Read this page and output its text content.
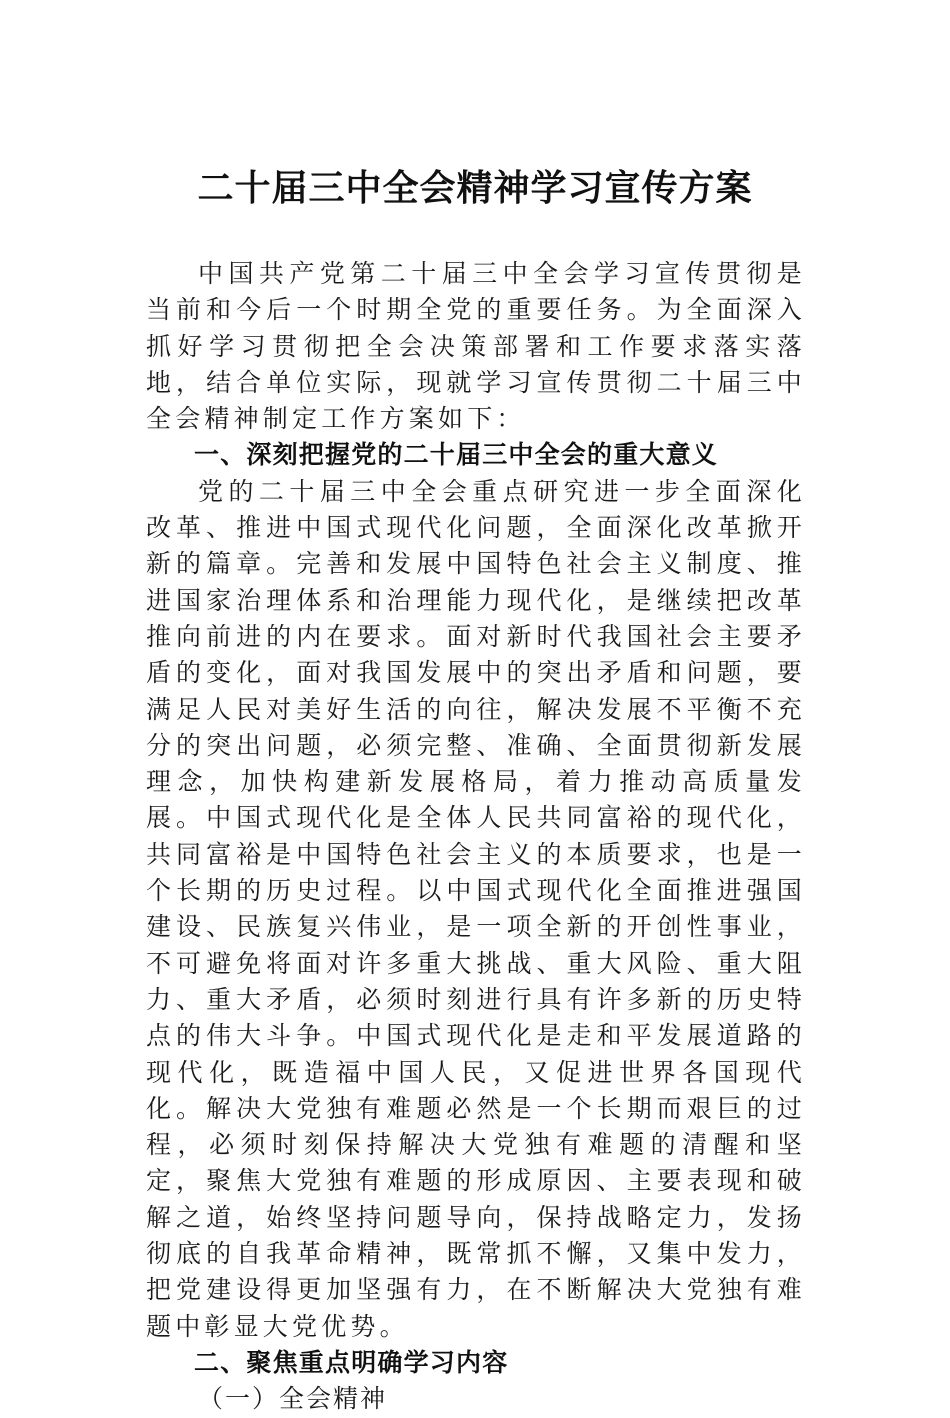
二十届三中全会精神学习宣传方案

中国共产党第二十届三中全会学习宣传贯彻是当前和今后一个时期全党的重要任务。为全面深入抓好学习贯彻把全会决策部署和工作要求落实落地，结合单位实际，现就学习宣传贯彻二十届三中全会精神制定工作方案如下：

一、深刻把握党的二十届三中全会的重大意义

党的二十届三中全会重点研究进一步全面深化改革、推进中国式现代化问题，全面深化改革掀开新的篇章。完善和发展中国特色社会主义制度、推进国家治理体系和治理能力现代化，是继续把改革推向前进的内在要求。面对新时代我国社会主要矛盾的变化，面对我国发展中的突出矛盾和问题，要满足人民对美好生活的向往，解决发展不平衡不充分的突出问题，必须完整、准确、全面贯彻新发展理念，加快构建新发展格局，着力推动高质量发展。中国式现代化是全体人民共同富裕的现代化，共同富裕是中国特色社会主义的本质要求，也是一个长期的历史过程。以中国式现代化全面推进强国建设、民族复兴伟业，是一项全新的开创性事业，不可避免将面对许多重大挑战、重大风险、重大阻力、重大矛盾，必须时刻进行具有许多新的历史特点的伟大斗争。中国式现代化是走和平发展道路的现代化，既造福中国人民，又促进世界各国现代化。解决大党独有难题必然是一个长期而艰巨的过程，必须时刻保持解决大党独有难题的清醒和坚定，聚焦大党独有难题的形成原因、主要表现和破解之道，始终坚持问题导向，保持战略定力，发扬彻底的自我革命精神，既常抓不懈，又集中发力，把党建设得更加坚强有力，在不断解决大党独有难题中彰显大党优势。

二、聚焦重点明确学习内容

（一）全会精神
